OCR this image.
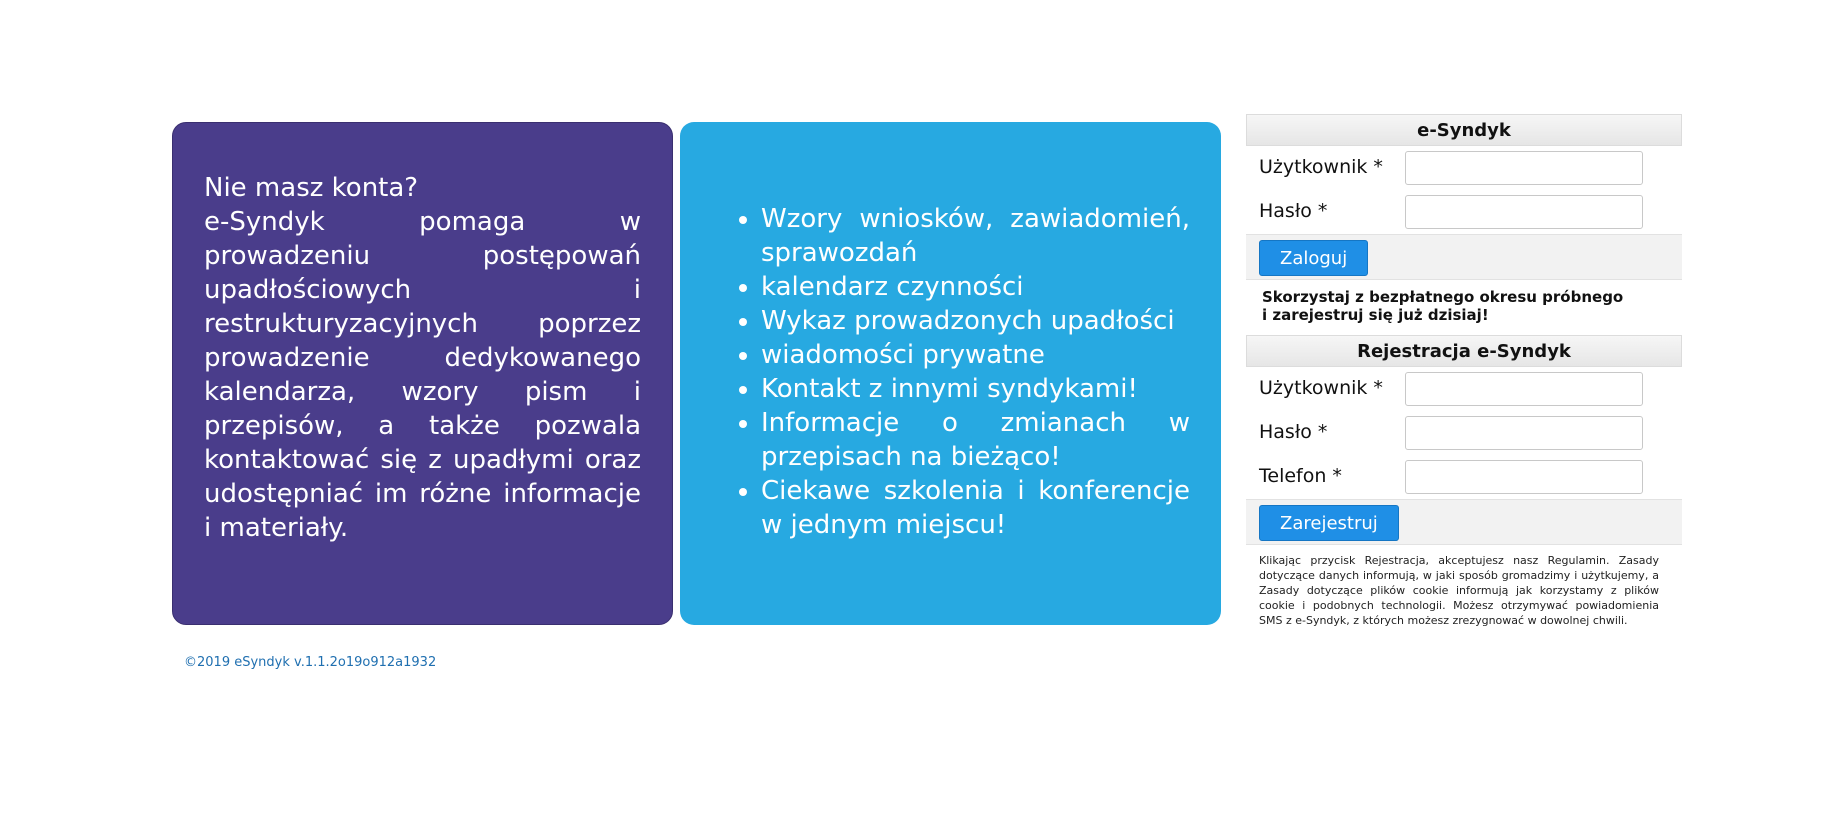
Nie masz konta?
e-Syndyk pomaga w prowadzeniu postępowań upadłościowych i restrukturyzacyjnych poprzez prowadzenie dedykowanego kalendarza, wzory pism i przepisów, a także pozwala kontaktować się z upadłymi oraz udostępniać im różne informacje i materiały.
• Wzory wniosków, zawiadomień, sprawozdań
• kalendarz czynności
• Wykaz prowadzonych upadłości
• wiadomości prywatne
• Kontakt z innymi syndykami!
• Informacje o zmianach w przepisach na bieżąco!
• Ciekawe szkolenia i konferencje w jednym miejscu!
e-Syndyk
Użytkownik *
Hasło *
Zaloguj
Skorzystaj z bezpłatnego okresu próbnego
i zarejestruj się już dzisiaj!
Rejestracja e-Syndyk
Użytkownik *
Hasło *
Telefon *
Zarejestruj
Klikając przycisk Rejestracja, akceptujesz nasz Regulamin. Zasady dotyczące danych informują, w jaki sposób gromadzimy i użytkujemy, a Zasady dotyczące plików cookie informują jak korzystamy z plików cookie i podobnych technologii. Możesz otrzymywać powiadomienia SMS z e-Syndyk, z których możesz zrezygnować w dowolnej chwili.
©2019 eSyndyk v.1.1.2o19o912a1932
